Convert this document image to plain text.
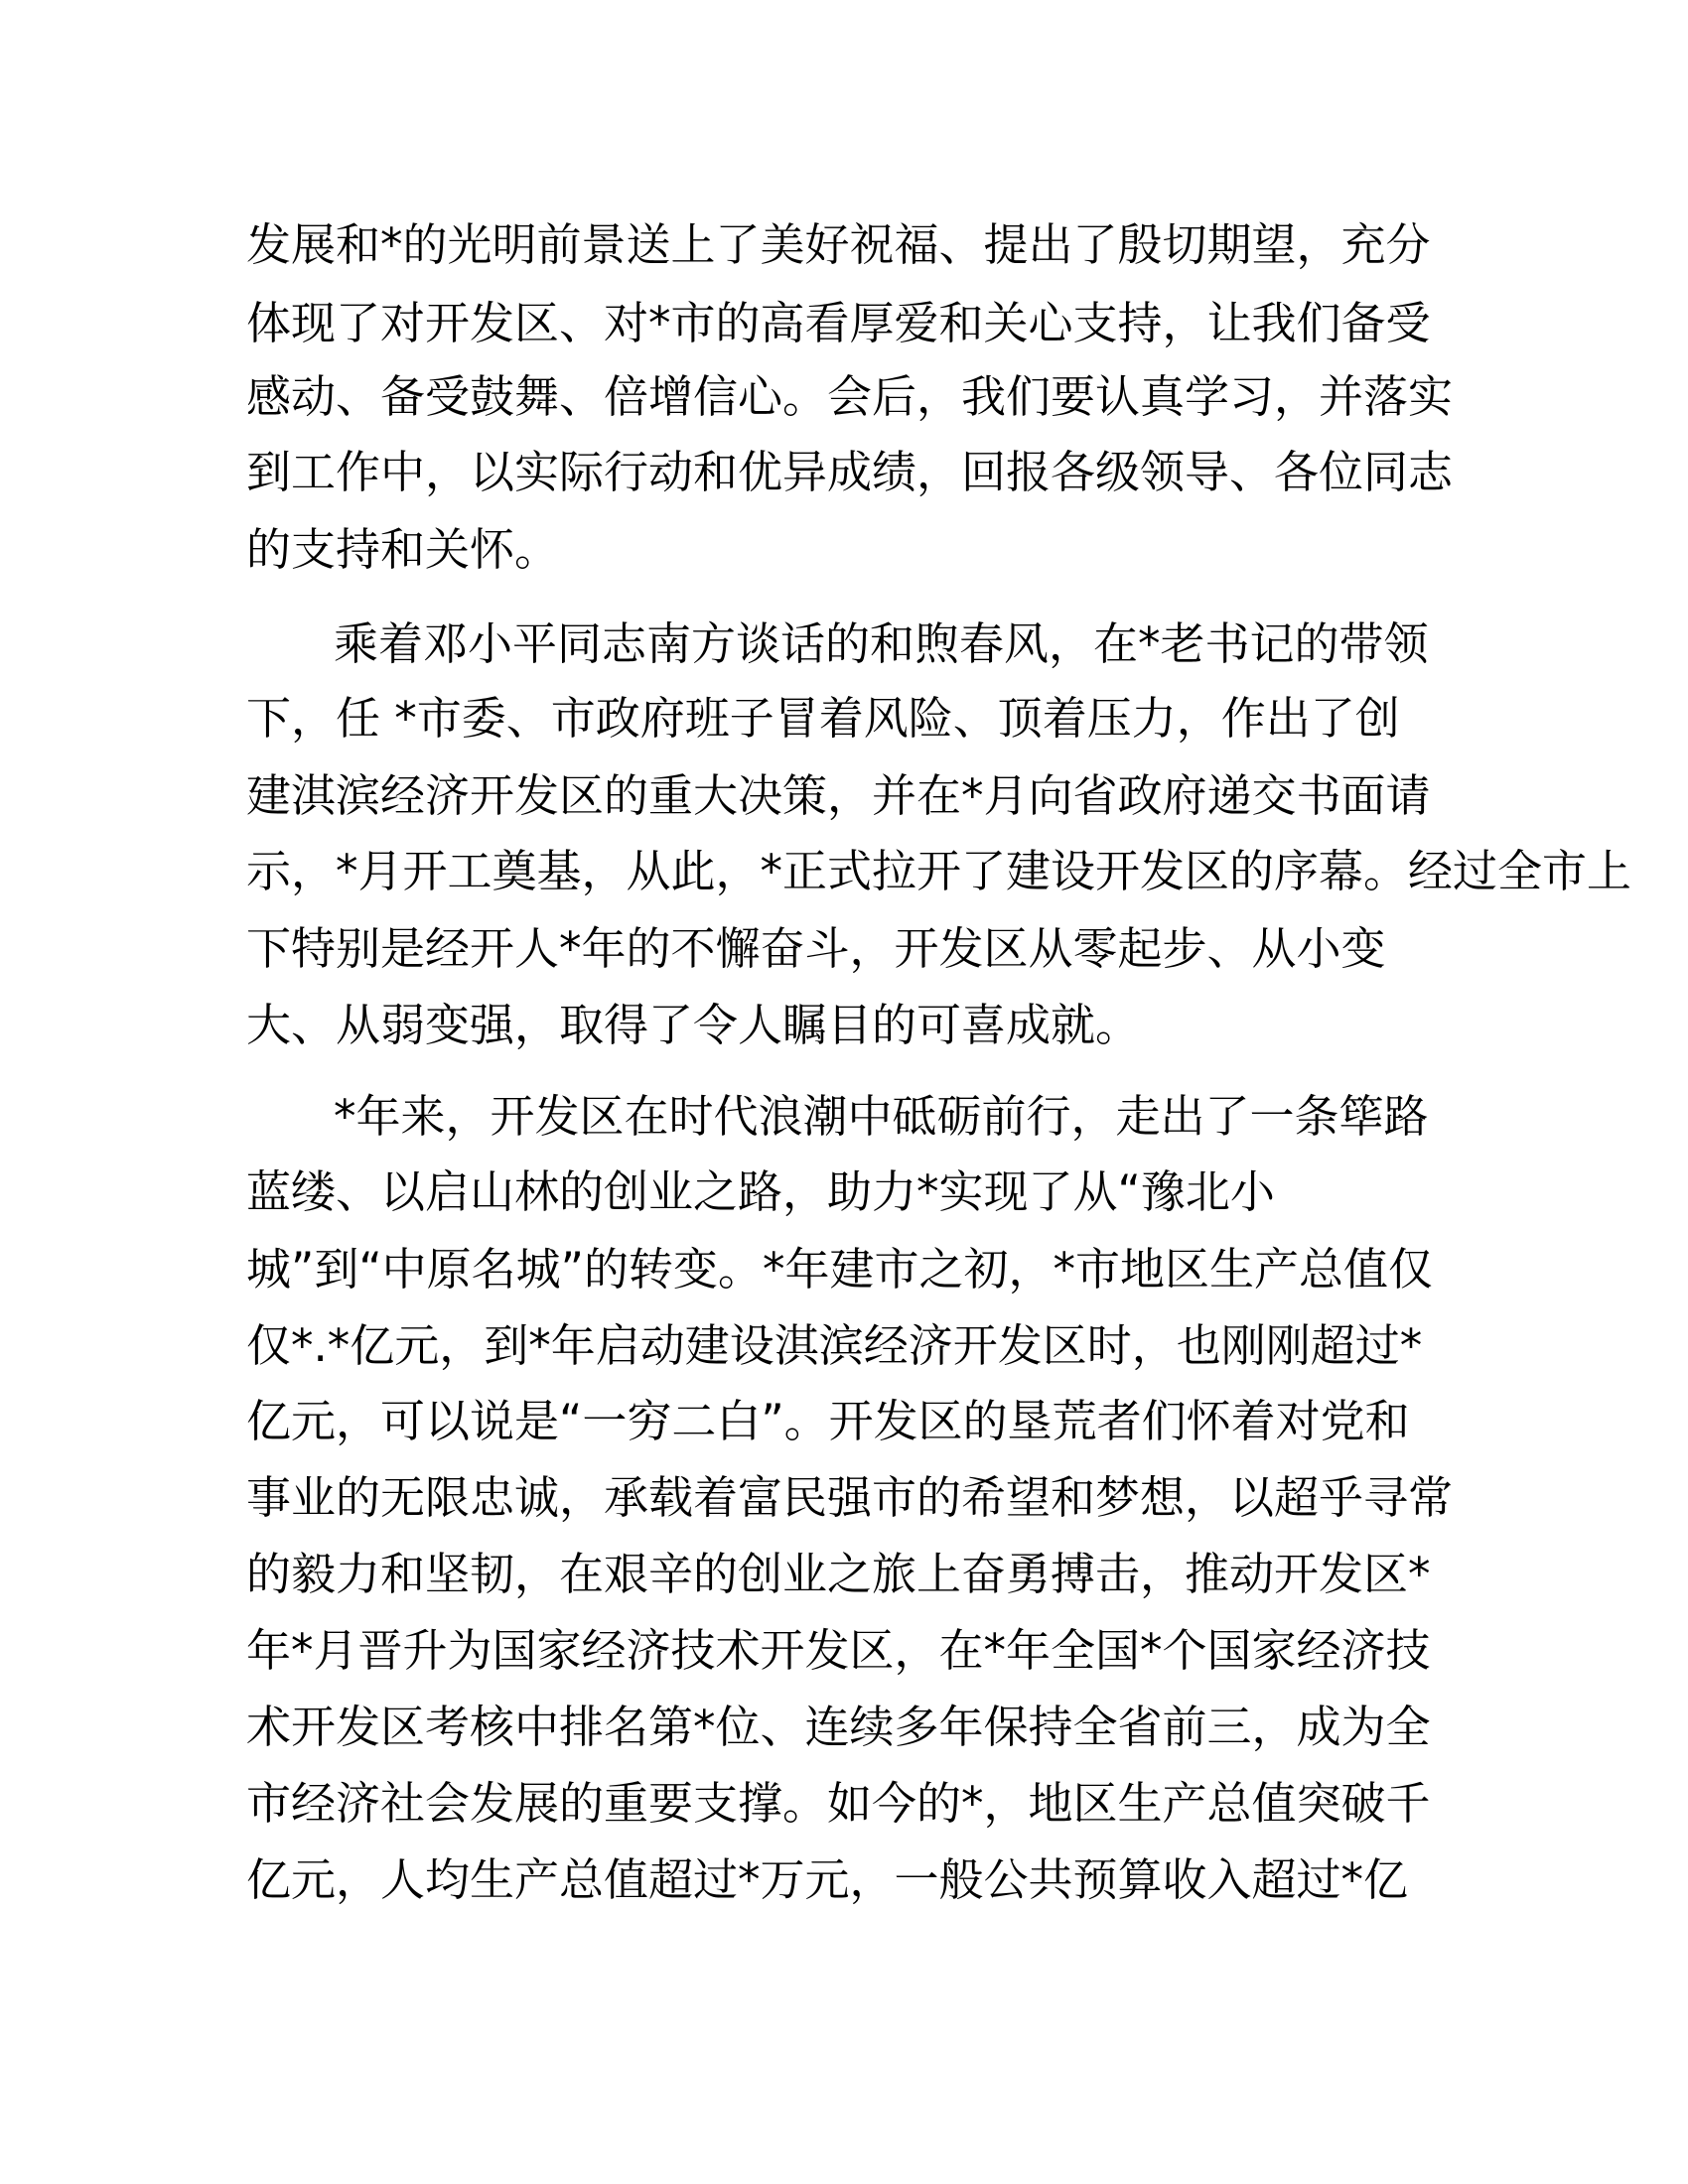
发展和*的光明前景送上了美好祝福、提出了殷切期望，充分

体现了对开发区、对*市的高看厚爱和关心支持，让我们备受

感动、备受鼓舞、倍增信心。会后，我们要认真学习，并落实

到工作中，以实际行动和优异成绩，回报各级领导、各位同志

的支持和关怀。

乘着邓小平同志南方谈话的和煦春风，在*老书记的带领

下，任 *市委、市政府班子冒着风险、顶着压力，作出了创

建淇滨经济开发区的重大决策，并在*月向省政府递交书面请

示，*月开工奠基，从此，*正式拉开了建设开发区的序幕。经过全市上

下特别是经开人*年的不懈奋斗，开发区从零起步、从小变

大、从弱变强，取得了令人瞩目的可喜成就。

*年来，开发区在时代浪潮中砥砺前行，走出了一条筚路

蓝缕、以启山林的创业之路，助力*实现了从“豫北小

城”到“中原名城”的转变。*年建市之初，*市地区生产总值仅

仅*.*亿元，到*年启动建设淇滨经济开发区时，也刚刚超过*

亿元，可以说是“一穷二白”。开发区的垦荒者们怀着对党和

事业的无限忠诚，承载着富民强市的希望和梦想，以超乎寻常

的毅力和坚韧，在艰辛的创业之旅上奋勇搏击，推动开发区*

年*月晋升为国家经济技术开发区，在*年全国*个国家经济技

术开发区考核中排名第*位、连续多年保持全省前三，成为全

市经济社会发展的重要支撑。如今的*，地区生产总值突破千

亿元，人均生产总值超过*万元，一般公共预算收入超过*亿
